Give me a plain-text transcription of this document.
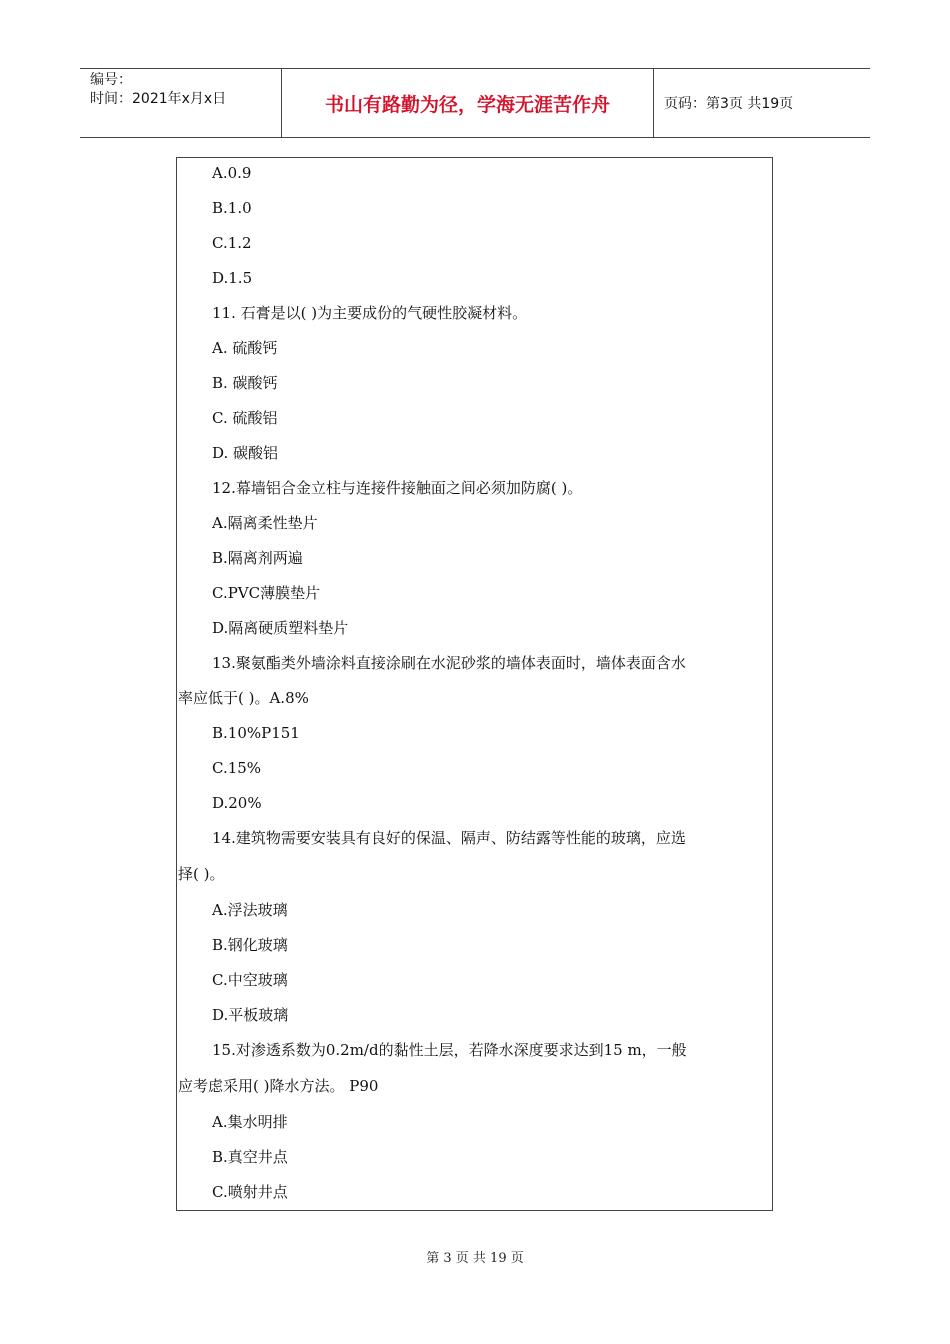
编号：
时间：2021年x月x日	书山有路勤为径，学海无涯苦作舟	页码：第3页 共19页
A.0.9
B.1.0
C.1.2
D.1.5
11. 石膏是以( )为主要成份的气硬性胶凝材料。
A. 硫酸钙
B. 碳酸钙
C. 硫酸铝
D. 碳酸铝
12.幕墙铝合金立柱与连接件接触面之间必须加防腐( )。
A.隔离柔性垫片
B.隔离剂两遍
C.PVC薄膜垫片
D.隔离硬质塑料垫片
13.聚氨酯类外墙涂料直接涂刷在水泥砂浆的墙体表面时，墙体表面含水
率应低于( )。A.8%
B.10%P151
C.15%
D.20%
14.建筑物需要安装具有良好的保温、隔声、防结露等性能的玻璃，应选
择( )。
A.浮法玻璃
B.钢化玻璃
C.中空玻璃
D.平板玻璃
15.对渗透系数为0.2m/d的黏性土层，若降水深度要求达到15 m，一般
应考虑采用( )降水方法。 P90
A.集水明排
B.真空井点
C.喷射井点
第 3 页 共 19 页
